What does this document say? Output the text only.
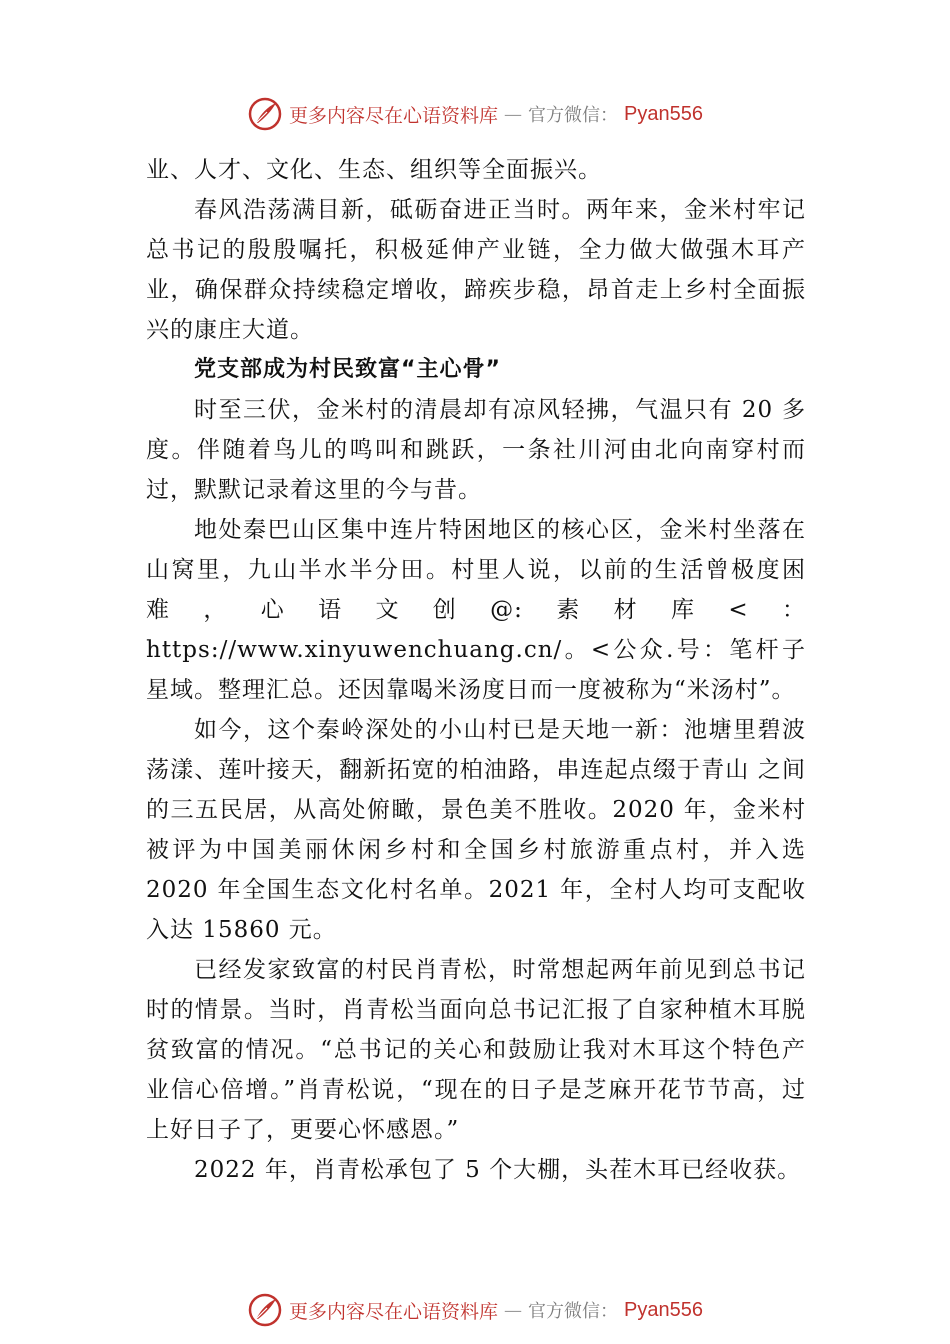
更多内容尽在心语资料库 — 官方微信： Pyan556

业、人才、文化、生态、组织等全面振兴。

春风浩荡满目新，砥砺奋进正当时。两年来，金米村牢记总书记的殷殷嘱托，积极延伸产业链，全力做大做强木耳产业，确保群众持续稳定增收，蹄疾步稳，昂首走上乡村全面振兴的康庄大道。

党支部成为村民致富“主心骨”

时至三伏，金米村的清晨却有凉风轻拂，气温只有 20 多度。伴随着鸟儿的鸣叫和跳跃，一条社川河由北向南穿村而过，默默记录着这里的今与昔。

地处秦巴山区集中连片特困地区的核心区，金米村坐落在山窝里，九山半水半分田。村里人说，以前的生活曾极度困难，心语文创@:素材库<：https://www.xinyuwenchuang.cn/。<公众.号：笔杆子星域。整理汇总。还因靠喝米汤度日而一度被称为“米汤村”。

如今，这个秦岭深处的小山村已是天地一新：池塘里碧波荡漾、莲叶接天，翻新拓宽的柏油路，串连起点缀于青山 之间的三五民居，从高处俯瞰，景色美不胜收。2020 年，金米村被评为中国美丽休闲乡村和全国乡村旅游重点村，并入选 2020 年全国生态文化村名单。2021 年，全村人均可支配收入达 15860 元。

已经发家致富的村民肖青松，时常想起两年前见到总书记时的情景。当时，肖青松当面向总书记汇报了自家种植木耳脱贫致富的情况。“总书记的关心和鼓励让我对木耳这个特色产业信心倍增。”肖青松说，“现在的日子是芝麻开花节节高，过上好日子了，更要心怀感恩。”

2022 年，肖青松承包了 5 个大棚，头茬木耳已经收获。

更多内容尽在心语资料库 — 官方微信： Pyan556
